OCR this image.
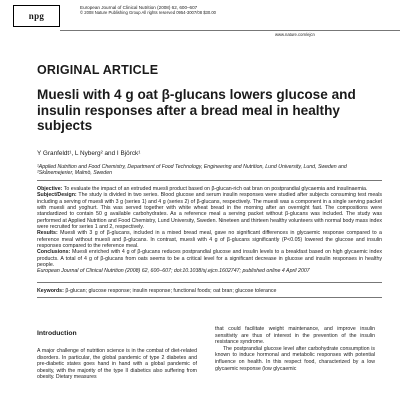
npg
European Journal of Clinical Nutrition (2008) 62, 600–607
© 2008 Nature Publishing Group All rights reserved 0954-3007/08 $30.00
www.nature.com/ejcn
ORIGINAL ARTICLE
Muesli with 4 g oat β-glucans lowers glucose and insulin responses after a bread meal in healthy subjects
Y Granfeldt¹, L Nyberg² and I Björck¹
¹Applied Nutrition and Food Chemistry, Department of Food Technology, Engineering and Nutrition, Lund University, Lund, Sweden and ²Skånemejerier, Malmö, Sweden

Objective: To evaluate the impact of an extruded muesli product based on β-glucan-rich oat bran on postprandial glycaemia and insulinaemia.

Subject/Design: The study is divided in two series. Blood glucose and serum insulin responses were studied after subjects consuming test meals including a serving of muesli with 3 g (series 1) and 4 g (series 2) of β-glucans, respectively. The muesli was a component in a single serving packet with muesli and yoghurt. This was served together with white wheat bread in the morning after an overnight fast. The compositions were standardized to contain 50 g available carbohydrates. As a reference meal a serving packet without β-glucans was included. The study was performed at Applied Nutrition and Food Chemistry, Lund University, Sweden. Nineteen and thirteen healthy volunteers with normal body mass index were recruited for series 1 and 2, respectively.

Results: Muesli with 3 g of β-glucans, included in a mixed bread meal, gave no significant differences in glycaemic response compared to a reference meal without muesli and β-glucans. In contrast, muesli with 4 g of β-glucans significantly (P<0.05) lowered the glucose and insulin responses compared to the reference meal.

Conclusions: Muesli enriched with 4 g of β-glucans reduces postprandial glucose and insulin levels to a breakfast based on high glycaemic index products. A total of 4 g of β-glucans from oats seems to be a critical level for a significant decrease in glucose and insulin responses in healthy people.

European Journal of Clinical Nutrition (2008) 62, 600–607; doi:10.1038/sj.ejcn.1602747; published online 4 April 2007

Keywords: β-glucan; glucose response; insulin response; functional foods; oat bran; glucose tolerance
Introduction

A major challenge of nutrition science is in the combat of diet-related disorders. In particular, the global pandemic of type 2 diabetes and pre-diabetic states goes hand in hand with a global pandemic of obesity, with the majority of the type II diabetics also suffering from obesity. Dietary measures

that could facilitate weight maintenance, and improve insulin sensitivity are thus of interest in the prevention of the insulin resistance syndrome.

The postprandial glucose level after carbohydrate consumption is known to induce hormonal and metabolic responses with potential influence on health. In this respect food, characterized by a low glycaemic response (low glycaemic
